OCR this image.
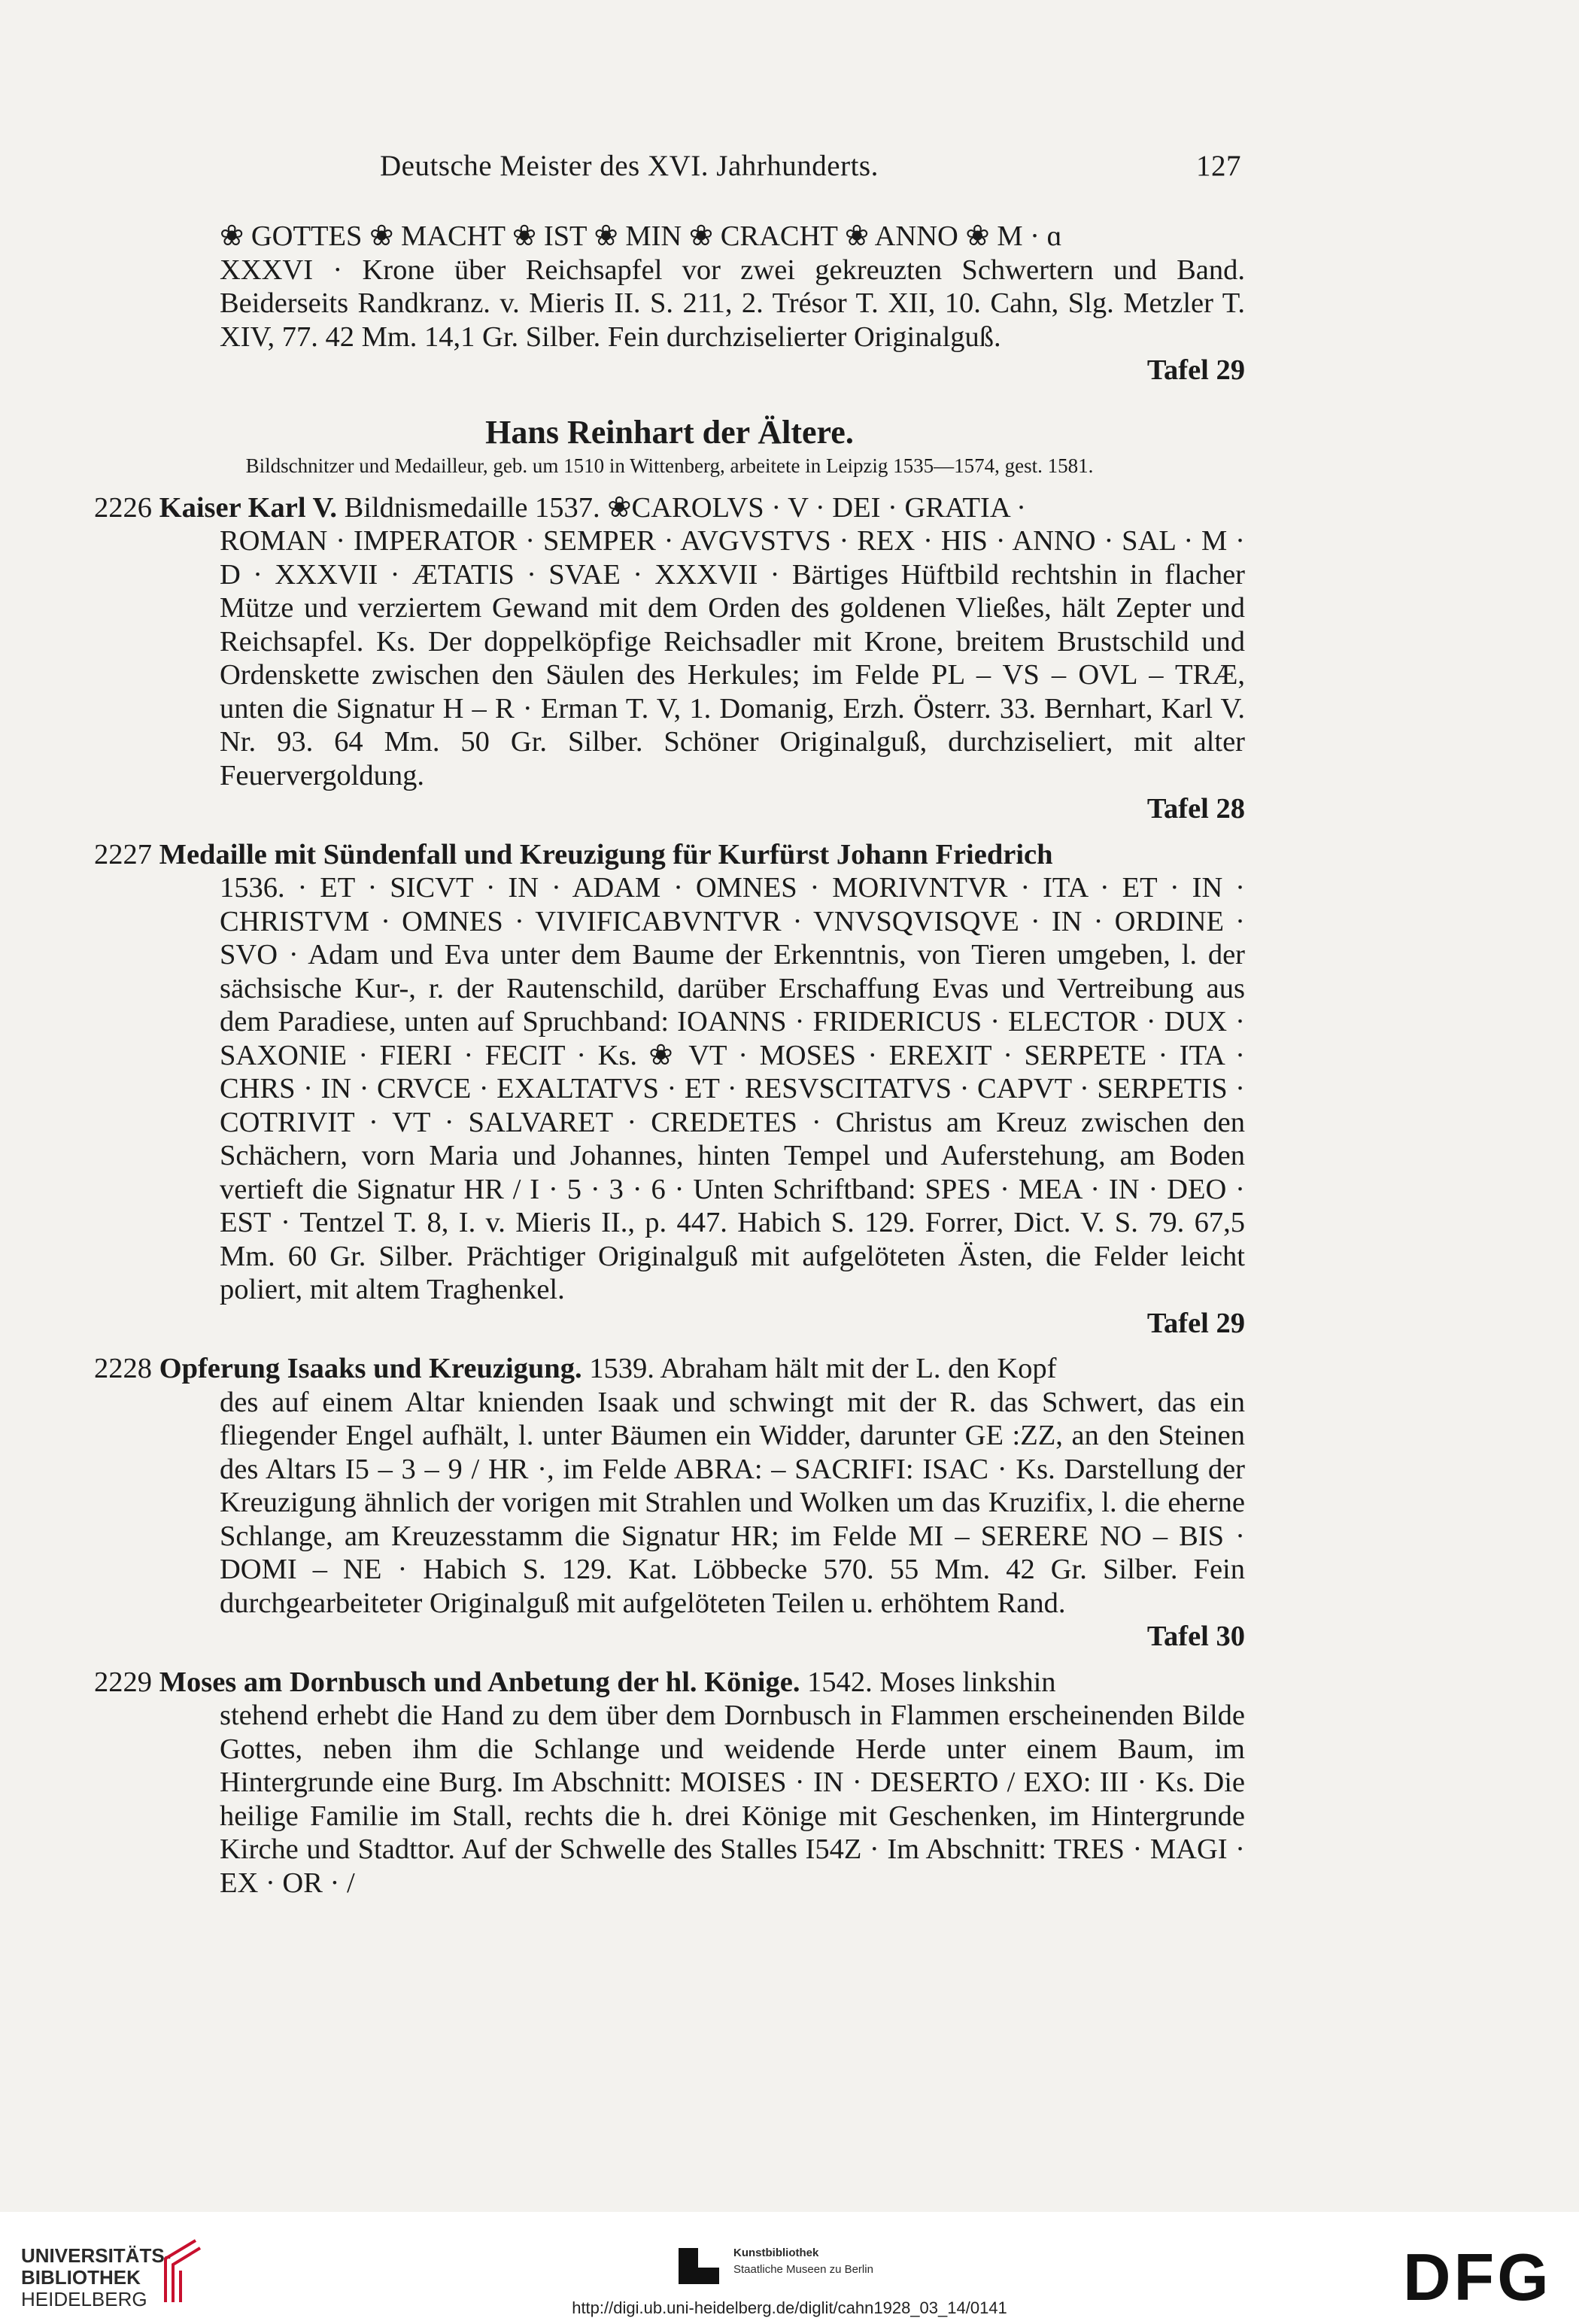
Deutsche Meister des XVI. Jahrhunderts.	127
❀ GOTTES ❀ MACHT ❀ IST ❀ MIN ❀ CRACHT ❀ ANNO ❀ M · ɑ
XXXVI · Krone über Reichsapfel vor zwei gekreuzten Schwertern und Band. Beiderseits Randkranz. v. Mieris II. S. 211, 2. Trésor T. XII, 10. Cahn, Slg. Metzler T. XIV, 77. 42 Mm. 14,1 Gr. Silber. Fein durchziselierter Originalguß.
Tafel 29
Hans Reinhart der Ältere.
Bildschnitzer und Medailleur, geb. um 1510 in Wittenberg, arbeitete in Leipzig 1535—1574, gest. 1581.
2226 Kaiser Karl V. Bildnismedaille 1537. ❀CAROLVS · V · DEI · GRATIA ·
ROMAN · IMPERATOR · SEMPER · AVGVSTVS · REX · HIS · ANNO · SAL · M · D · XXXVII · ÆTATIS · SVAE · XXXVII · Bärtiges Hüftbild rechtshin in flacher Mütze und verziertem Gewand mit dem Orden des goldenen Vließes, hält Zepter und Reichsapfel. Ks. Der doppelköpfige Reichsadler mit Krone, breitem Brustschild und Ordenskette zwischen den Säulen des Herkules; im Felde PL – VS – OVL – TRÆ, unten die Signatur H – R · Erman T. V, 1. Domanig, Erzh. Österr. 33. Bernhart, Karl V. Nr. 93. 64 Mm. 50 Gr. Silber. Schöner Originalguß, durchziseliert, mit alter Feuervergoldung.
Tafel 28
2227 Medaille mit Sündenfall und Kreuzigung für Kurfürst Johann Friedrich
1536. · ET · SICVT · IN · ADAM · OMNES · MORIVNTVR · ITA · ET · IN · CHRISTVM · OMNES · VIVIFICABVNTVR · VNVSQVISQVE · IN · ORDINE · SVO · Adam und Eva unter dem Baume der Erkenntnis, von Tieren umgeben, l. der sächsische Kur-, r. der Rautenschild, darüber Erschaffung Evas und Vertreibung aus dem Paradiese, unten auf Spruchband: IOANNS · FRIDERICUS · ELECTOR · DUX · SAXONIE · FIERI · FECIT · Ks. ❀ VT · MOSES · EREXIT · SERPETE · ITA · CHRS · IN · CRVCE · EXALTATVS · ET · RESVSCITATVS · CAPVT · SERPETIS · COTRIVIT · VT · SALVARET · CREDETES · Christus am Kreuz zwischen den Schächern, vorn Maria und Johannes, hinten Tempel und Auferstehung, am Boden vertieft die Signatur HR / I · 5 · 3 · 6 · Unten Schriftband: SPES · MEA · IN · DEO · EST · Tentzel T. 8, I. v. Mieris II., p. 447. Habich S. 129. Forrer, Dict. V. S. 79. 67,5 Mm. 60 Gr. Silber. Prächtiger Originalguß mit aufgelöteten Ästen, die Felder leicht poliert, mit altem Traghenkel.
Tafel 29
2228 Opferung Isaaks und Kreuzigung. 1539. Abraham hält mit der L. den Kopf
des auf einem Altar knienden Isaak und schwingt mit der R. das Schwert, das ein fliegender Engel aufhält, l. unter Bäumen ein Widder, darunter GE :ZZ, an den Steinen des Altars I5 – 3 – 9 / HR ·, im Felde ABRA: – SACRIFI: ISAC · Ks. Darstellung der Kreuzigung ähnlich der vorigen mit Strahlen und Wolken um das Kruzifix, l. die eherne Schlange, am Kreuzesstamm die Signatur HR; im Felde MI – SERERE NO – BIS · DOMI – NE · Habich S. 129. Kat. Löbbecke 570. 55 Mm. 42 Gr. Silber. Fein durchgearbeiteter Originalguß mit aufgelöteten Teilen u. erhöhtem Rand.
Tafel 30
2229 Moses am Dornbusch und Anbetung der hl. Könige. 1542. Moses linkshin
stehend erhebt die Hand zu dem über dem Dornbusch in Flammen erscheinenden Bilde Gottes, neben ihm die Schlange und weidende Herde unter einem Baum, im Hintergrunde eine Burg. Im Abschnitt: MOISES · IN · DESERTO / EXO: III · Ks. Die heilige Familie im Stall, rechts die h. drei Könige mit Geschenken, im Hintergrunde Kirche und Stadttor. Auf der Schwelle des Stalles I54Z · Im Abschnitt: TRES · MAGI · EX · OR · /
UNIVERSITÄTS-
BIBLIOTHEK
HEIDELBERG
Kunstbibliothek
Staatliche Museen zu Berlin	DFG
http://digi.ub.uni-heidelberg.de/diglit/cahn1928_03_14/0141
